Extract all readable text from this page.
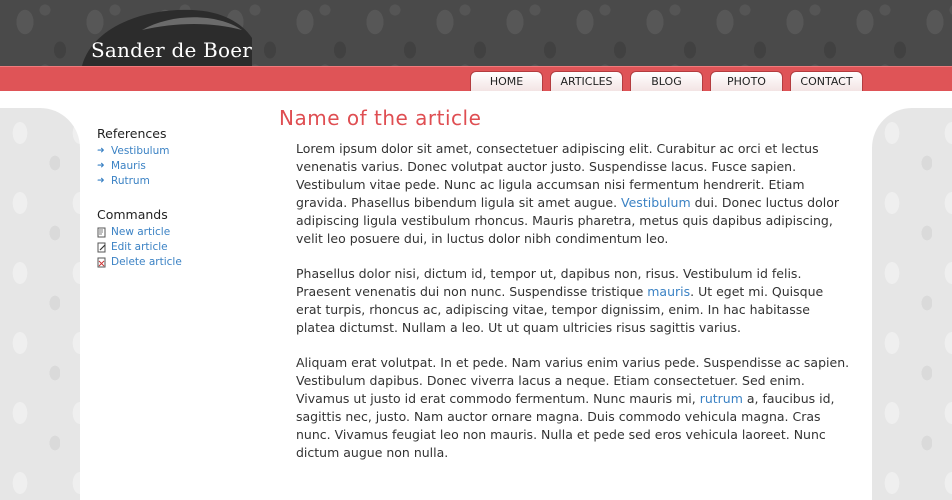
Sander de Boer
HOME	ARTICLES	BLOG	PHOTO	CONTACT
References
➜ Vestibulum
➜ Mauris
➜ Rutrum
Commands
New article
Edit article
Delete article
Name of the article

Lorem ipsum dolor sit amet, consectetuer adipiscing elit. Curabitur ac orci et lectus venenatis varius. Donec volutpat auctor justo. Suspendisse lacus. Fusce sapien. Vestibulum vitae pede. Nunc ac ligula accumsan nisi fermentum hendrerit. Etiam gravida. Phasellus bibendum ligula sit amet augue. Vestibulum dui. Donec luctus dolor adipiscing ligula vestibulum rhoncus. Mauris pharetra, metus quis dapibus adipiscing, velit leo posuere dui, in luctus dolor nibh condimentum leo.

Phasellus dolor nisi, dictum id, tempor ut, dapibus non, risus. Vestibulum id felis. Praesent venenatis dui non nunc. Suspendisse tristique mauris. Ut eget mi. Quisque erat turpis, rhoncus ac, adipiscing vitae, tempor dignissim, enim. In hac habitasse platea dictumst. Nullam a leo. Ut ut quam ultricies risus sagittis varius.

Aliquam erat volutpat. In et pede. Nam varius enim varius pede. Suspendisse ac sapien. Vestibulum dapibus. Donec viverra lacus a neque. Etiam consectetuer. Sed enim. Vivamus ut justo id erat commodo fermentum. Nunc mauris mi, rutrum a, faucibus id, sagittis nec, justo. Nam auctor ornare magna. Duis commodo vehicula magna. Cras nunc. Vivamus feugiat leo non mauris. Nulla et pede sed eros vehicula laoreet. Nunc dictum augue non nulla.
